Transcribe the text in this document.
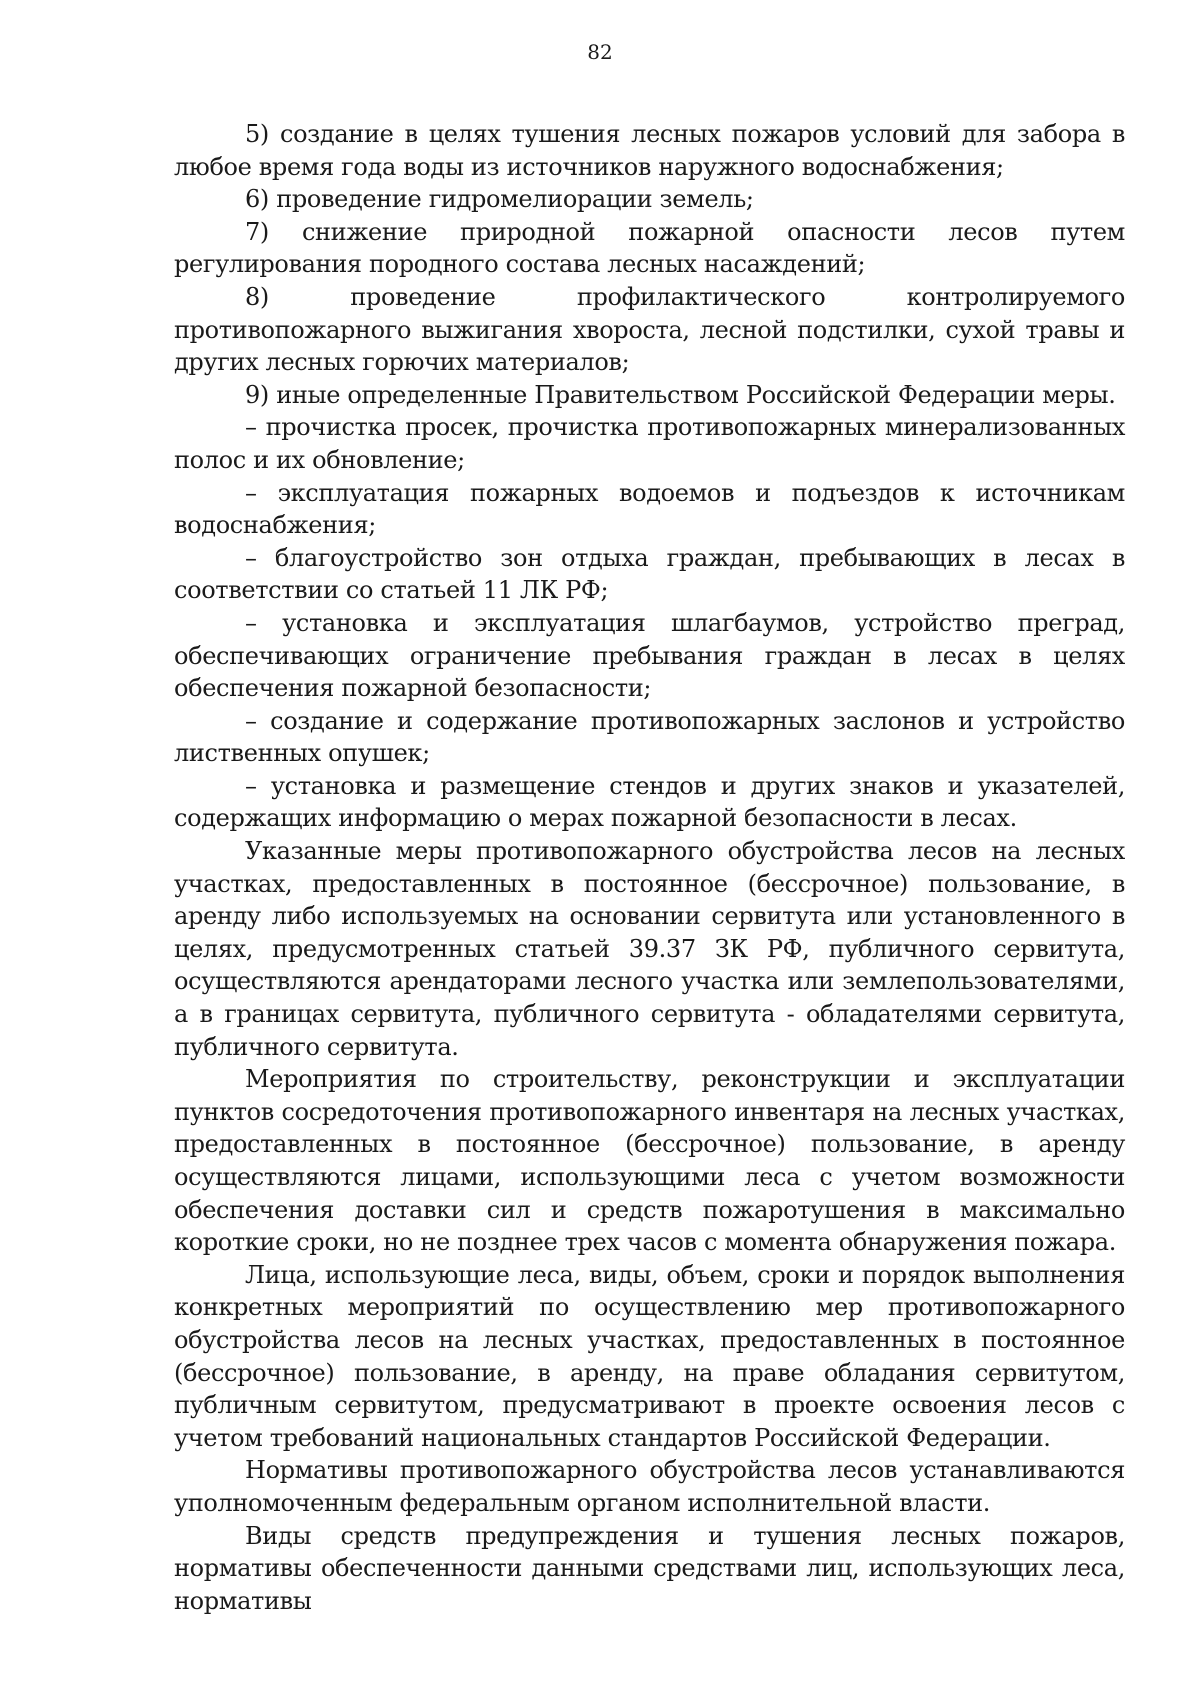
82

5) создание в целях тушения лесных пожаров условий для забора в любое время года воды из источников наружного водоснабжения;

6) проведение гидромелиорации земель;

7) снижение природной пожарной опасности лесов путем регулирования породного состава лесных насаждений;

8) проведение профилактического контролируемого противопожарного выжигания хвороста, лесной подстилки, сухой травы и других лесных горючих материалов;

9) иные определенные Правительством Российской Федерации меры.

– прочистка просек, прочистка противопожарных минерализованных полос и их обновление;

– эксплуатация пожарных водоемов и подъездов к источникам водоснабжения;

– благоустройство зон отдыха граждан, пребывающих в лесах в соответствии со статьей 11 ЛК РФ;

– установка и эксплуатация шлагбаумов, устройство преград, обеспечивающих ограничение пребывания граждан в лесах в целях обеспечения пожарной безопасности;

– создание и содержание противопожарных заслонов и устройство лиственных опушек;

– установка и размещение стендов и других знаков и указателей, содержащих информацию о мерах пожарной безопасности в лесах.

Указанные меры противопожарного обустройства лесов на лесных участках, предоставленных в постоянное (бессрочное) пользование, в аренду либо используемых на основании сервитута или установленного в целях, предусмотренных статьей 39.37 ЗК РФ, публичного сервитута, осуществляются арендаторами лесного участка или землепользователями, а в границах сервитута, публичного сервитута - обладателями сервитута, публичного сервитута.

Мероприятия по строительству, реконструкции и эксплуатации пунктов сосредоточения противопожарного инвентаря на лесных участках, предоставленных в постоянное (бессрочное) пользование, в аренду осуществляются лицами, использующими леса с учетом возможности обеспечения доставки сил и средств пожаротушения в максимально короткие сроки, но не позднее трех часов с момента обнаружения пожара.

Лица, использующие леса, виды, объем, сроки и порядок выполнения конкретных мероприятий по осуществлению мер противопожарного обустройства лесов на лесных участках, предоставленных в постоянное (бессрочное) пользование, в аренду, на праве обладания сервитутом, публичным сервитутом, предусматривают в проекте освоения лесов с учетом требований национальных стандартов Российской Федерации.

Нормативы противопожарного обустройства лесов устанавливаются уполномоченным федеральным органом исполнительной власти.

Виды средств предупреждения и тушения лесных пожаров, нормативы обеспеченности данными средствами лиц, использующих леса, нормативы
